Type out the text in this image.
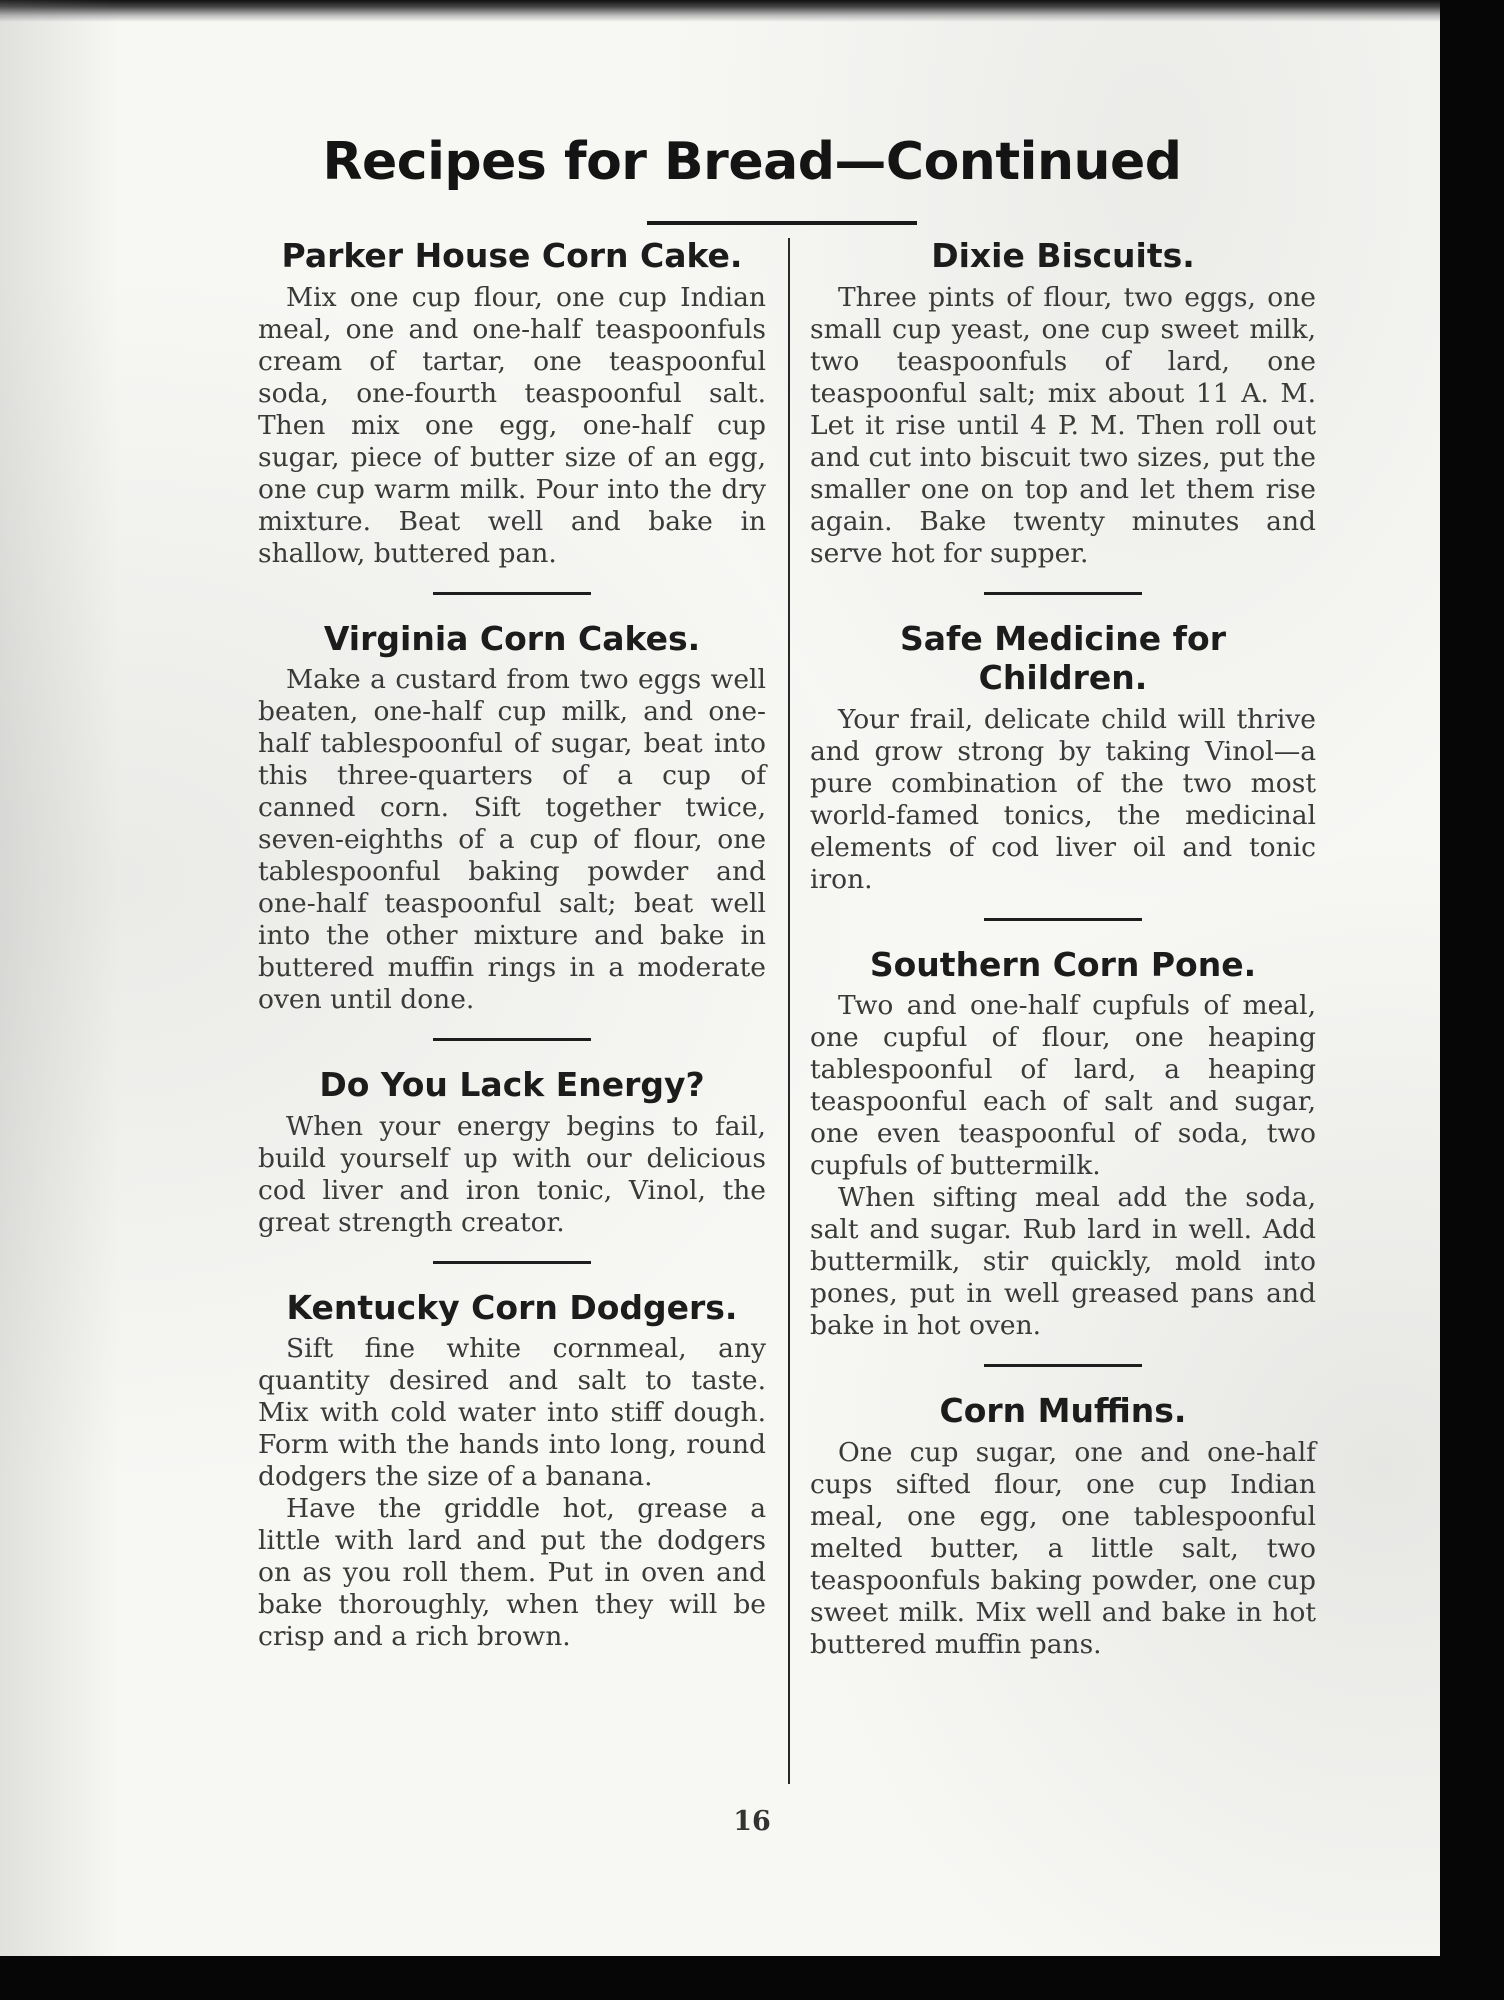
Recipes for Bread—Continued
Parker House Corn Cake.

Mix one cup flour, one cup Indian meal, one and one-half teaspoonfuls cream of tartar, one teaspoonful soda, one-fourth teaspoonful salt. Then mix one egg, one-half cup sugar, piece of butter size of an egg, one cup warm milk. Pour into the dry mixture. Beat well and bake in shallow, buttered pan.

Virginia Corn Cakes.

Make a custard from two eggs well beaten, one-half cup milk, and one-half tablespoonful of sugar, beat into this three-quarters of a cup of canned corn. Sift together twice, seven-eighths of a cup of flour, one tablespoonful baking powder and one-half teaspoonful salt; beat well into the other mixture and bake in buttered muffin rings in a moderate oven until done.

Do You Lack Energy?

When your energy begins to fail, build yourself up with our delicious cod liver and iron tonic, Vinol, the great strength creator.

Kentucky Corn Dodgers.

Sift fine white cornmeal, any quantity desired and salt to taste. Mix with cold water into stiff dough. Form with the hands into long, round dodgers the size of a banana.

Have the griddle hot, grease a little with lard and put the dodgers on as you roll them. Put in oven and bake thoroughly, when they will be crisp and a rich brown.

Dixie Biscuits.

Three pints of flour, two eggs, one small cup yeast, one cup sweet milk, two teaspoonfuls of lard, one teaspoonful salt; mix about 11 A. M. Let it rise until 4 P. M. Then roll out and cut into biscuit two sizes, put the smaller one on top and let them rise again. Bake twenty minutes and serve hot for supper.

Safe Medicine for Children.

Your frail, delicate child will thrive and grow strong by taking Vinol—a pure combination of the two most world-famed tonics, the medicinal elements of cod liver oil and tonic iron.

Southern Corn Pone.

Two and one-half cupfuls of meal, one cupful of flour, one heaping tablespoonful of lard, a heaping teaspoonful each of salt and sugar, one even teaspoonful of soda, two cupfuls of buttermilk.

When sifting meal add the soda, salt and sugar. Rub lard in well. Add buttermilk, stir quickly, mold into pones, put in well greased pans and bake in hot oven.

Corn Muffins.

One cup sugar, one and one-half cups sifted flour, one cup Indian meal, one egg, one tablespoonful melted butter, a little salt, two teaspoonfuls baking powder, one cup sweet milk. Mix well and bake in hot buttered muffin pans.

16
